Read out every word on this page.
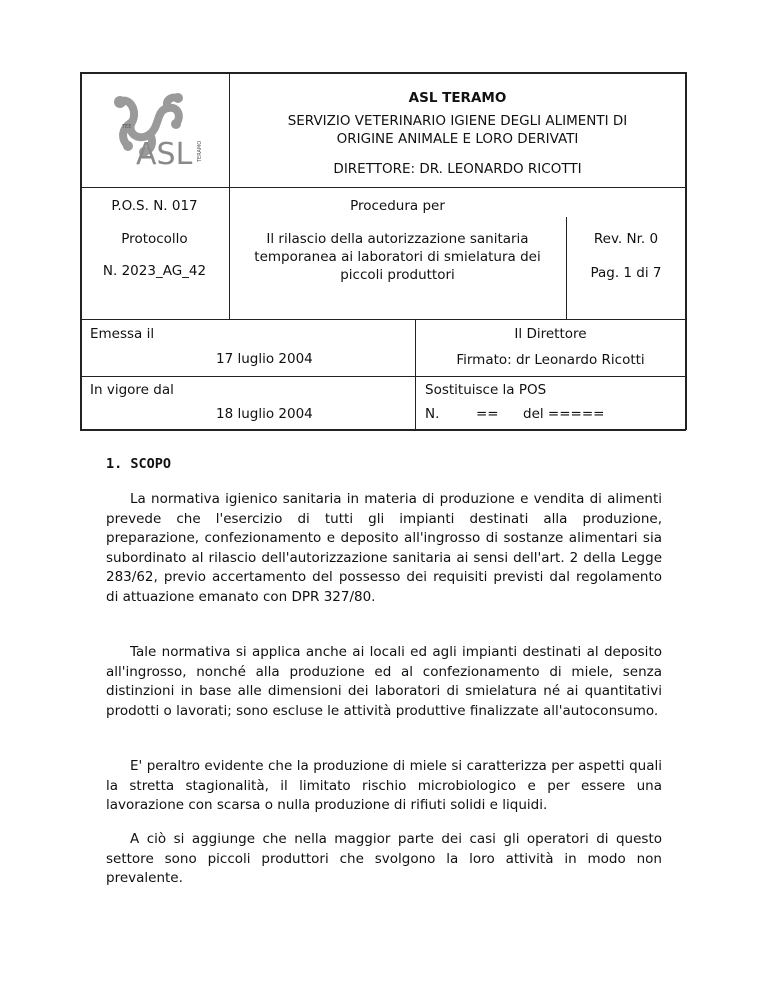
TEE
ASL TERAMO
ASL TERAMO
SERVIZIO VETERINARIO IGIENE DEGLI ALIMENTI DI
ORIGINE ANIMALE E LORO DERIVATI
DIRETTORE: DR. LEONARDO RICOTTI
P.O.S. N. 017
Protocollo
N. 2023_AG_42
Procedura per
Il rilascio della autorizzazione sanitaria
temporanea ai laboratori di smielatura dei
piccoli produttori
Rev. Nr. 0
Pag. 1 di 7
Emessa il
17 luglio 2004
Il Direttore
Firmato: dr Leonardo Ricotti
In vigore dal
18 luglio 2004
Sostituisce la POS
N.	== del =====
1. SCOPO

La normativa igienico sanitaria in materia di produzione e vendita di alimenti prevede che l'esercizio di tutti gli impianti destinati alla produzione, preparazione, confezionamento e deposito all'ingrosso di sostanze alimentari sia subordinato al rilascio dell'autorizzazione sanitaria ai sensi dell'art. 2 della Legge 283/62, previo accertamento del possesso dei requisiti previsti dal regolamento di attuazione emanato con DPR 327/80.

Tale normativa si applica anche ai locali ed agli impianti destinati al deposito all'ingrosso, nonché alla produzione ed al confezionamento di miele, senza distinzioni in base alle dimensioni dei laboratori di smielatura né ai quantitativi prodotti o lavorati; sono escluse le attività produttive finalizzate all'autoconsumo.

E' peraltro evidente che la produzione di miele si caratterizza per aspetti quali la stretta stagionalità, il limitato rischio microbiologico e per essere una lavorazione con scarsa o nulla produzione di rifiuti solidi e liquidi.

A ciò si aggiunge che nella maggior parte dei casi gli operatori di questo settore sono piccoli produttori che svolgono la loro attività in modo non prevalente.
